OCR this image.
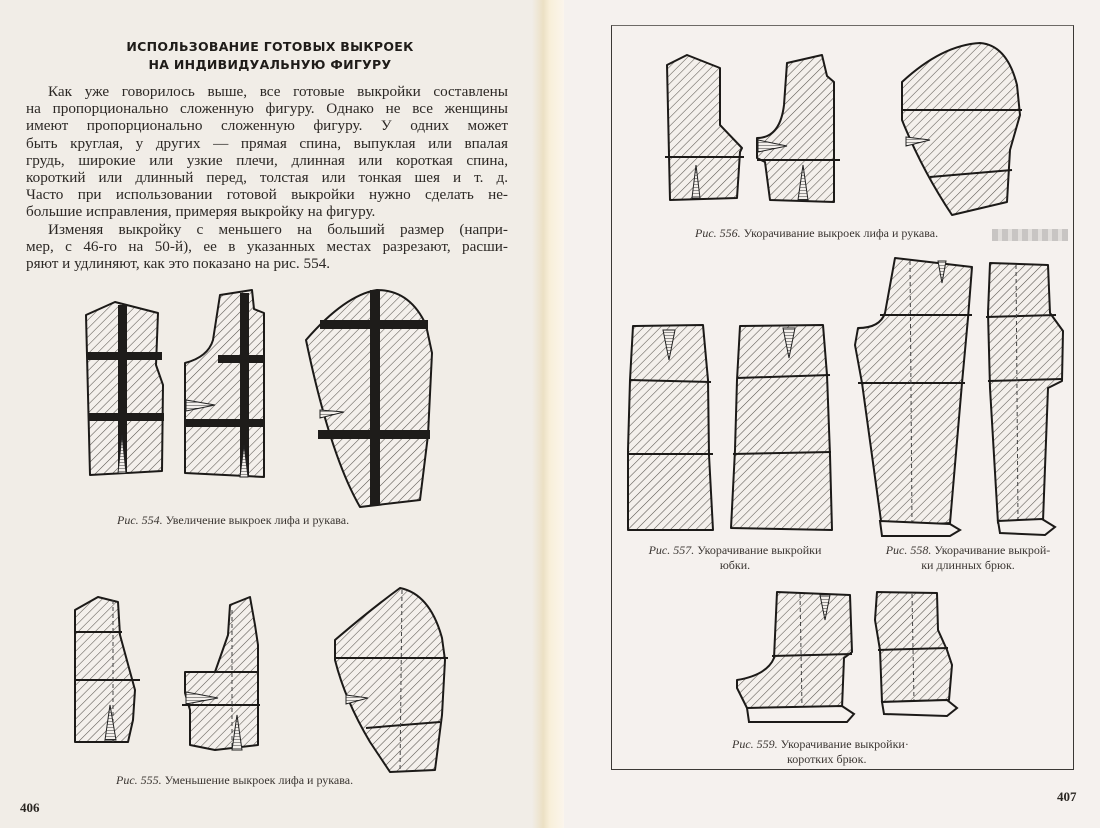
ИСПОЛЬЗОВАНИЕ ГОТОВЫХ ВЫКРОЕК
НА ИНДИВИДУАЛЬНУЮ ФИГУРУ
Как уже говорилось выше, все готовые выкройки составлены
на пропорционально сложенную фигуру. Однако не все женщины
имеют пропорционально сложенную фигуру. У одних может
быть круглая, у других — прямая спина, выпуклая или впалая
грудь, широкие или узкие плечи, длинная или короткая спина,
короткий или длинный перед, толстая или тонкая шея и т. д.
Часто при использовании готовой выкройки нужно сделать не-
большие исправления, примеряя выкройку на фигуру.
Изменяя выкройку с меньшего на больший размер (напри-
мер, с 46-го на 50-й), ее в указанных местах разрезают, расши-
ряют и удлиняют, как это показано на рис. 554.
Рис. 554. Увеличение выкроек лифа и рукава.
Рис. 555. Уменьшение выкроек лифа и рукава.
406
Рис. 556. Укорачивание выкроек лифа и рукава.
Рис. 557. Укорачивание выкройки
юбки.
Рис. 558. Укорачивание выкрой-
ки длинных брюк.
Рис. 559. Укорачивание выкройки·
коротких брюк.
407
